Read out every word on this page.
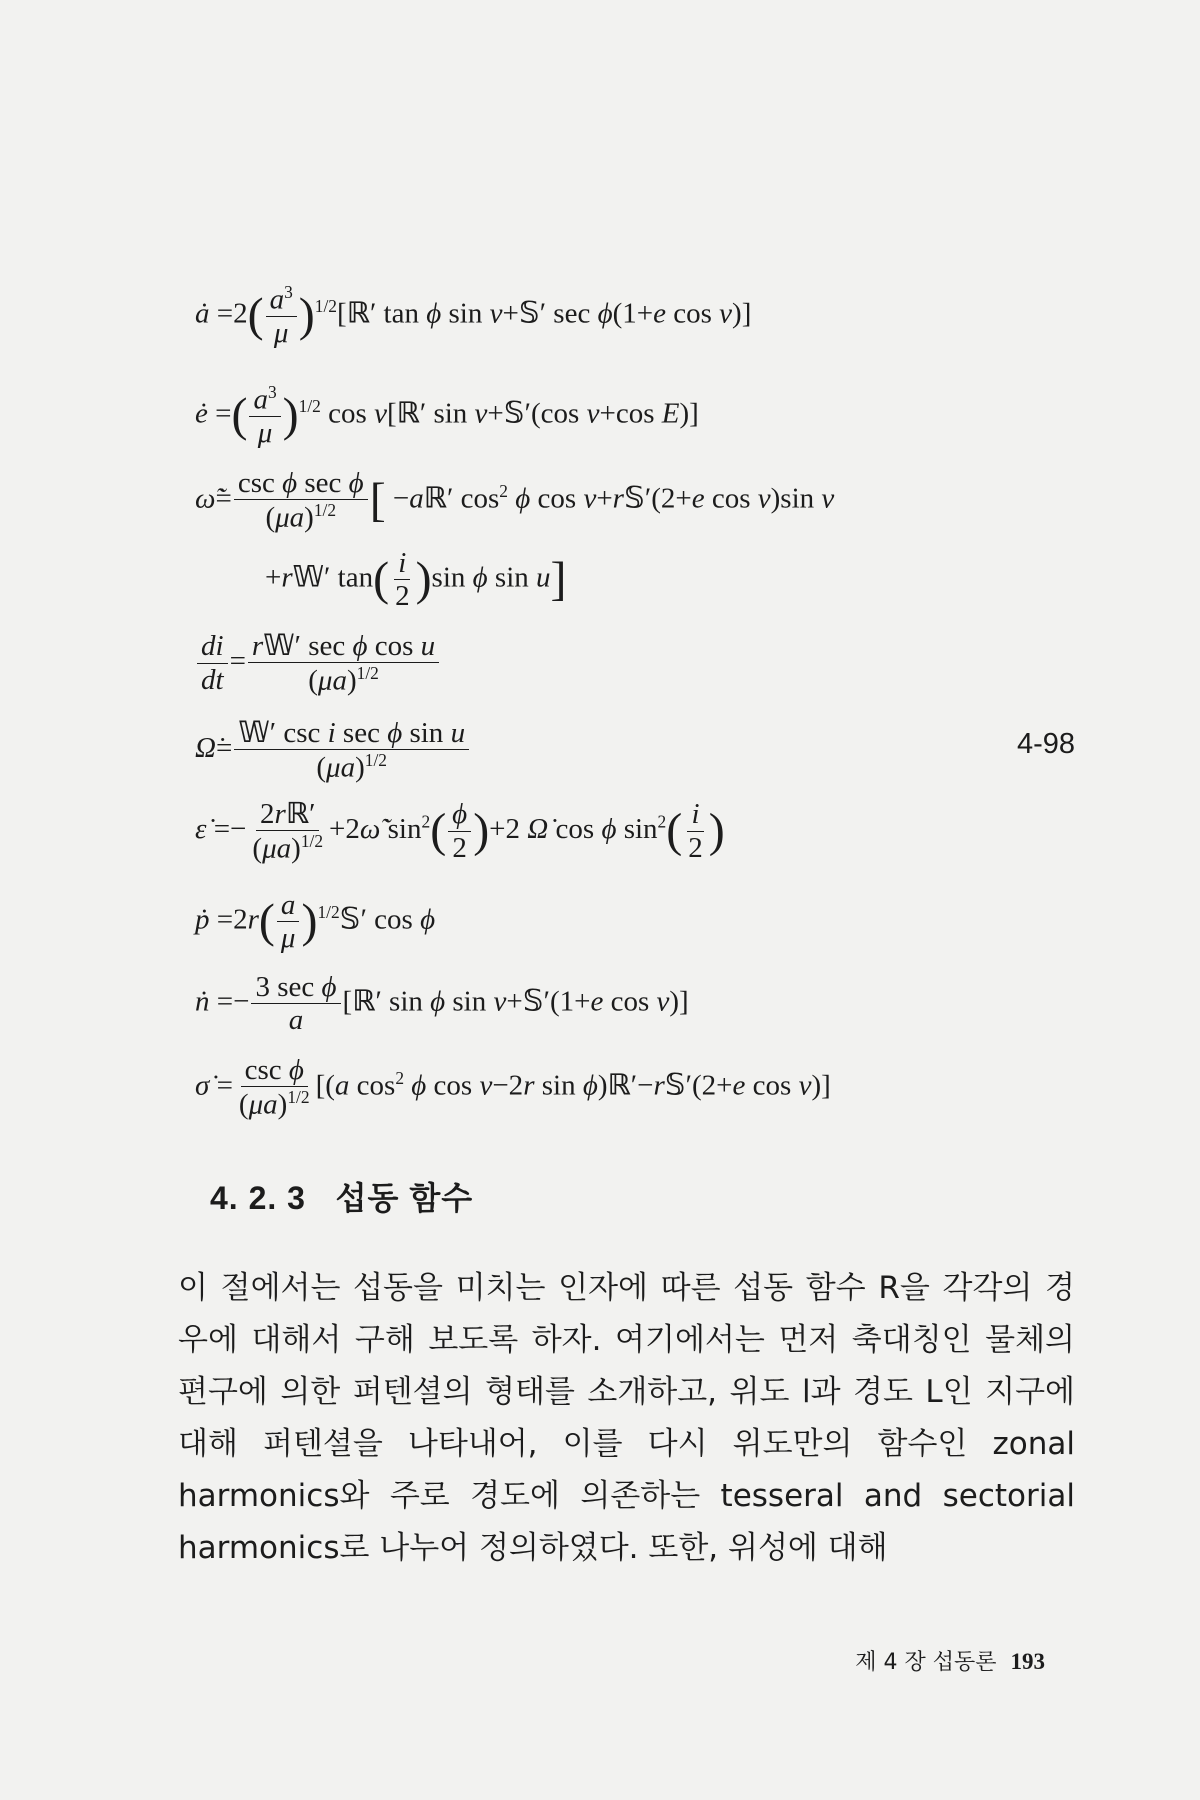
ȧ $=2( \frac{a^3}{\mu}$ )$^{1/2}[ℝ'$ tan ϕ sin ν+𝕊′ sec ϕ(1+e cos ν)]
ė =( $\frac{a^3}{\mu} )^{1/2}$ cos ν[ℝ′ sin ν+𝕊′(cos ν+cos E)]
ω̃̇= $\frac{\text{csc ϕ sec ϕ}}{(\mu a)^{1/2}}$ [ −aℝ′ $\cos^2 \phi$ cos ν+r𝕊′(2+e cos ν)sin ν
+r𝕎′ $\tan( \frac{i}{2} )\sin$ ϕ sin u]
$\frac{di}{dt} = \frac{\text{r𝕎′ sec ϕ cos u}}{(\mu a)^{1/2}}$
Ω̇= $\frac{\text{𝕎′ csc i sec ϕ sin u}}{(\mu a)^{1/2}}$	4-98
ε̇ =− $\frac{\text{2rℝ′}}{(\mu a)^{1/2}}$ +2ω̃̇ $\sin^2( \frac{\phi}{2} )+2$ Ω̇ cos ϕ $\sin^2( \frac{i}{2}$ )
ṗ $=2r( \frac{a}{\mu}$ )$^{1/2}𝕊'$ cos ϕ
ṅ =− $\frac{\text{3 sec ϕ}}{a}$ [ℝ′ sin ϕ sin ν+𝕊′(1+e cos ν)]
σ̇ = $\frac{\text{csc ϕ}}{(\mu a)^{1/2}} [(a$ $\cos^2 \phi$ cos ν−2r sin ϕ)ℝ′−r𝕊′(2+e cos ν)]
4. 2. 3 섭동 함수

이 절에서는 섭동을 미치는 인자에 따른 섭동 함수 R을 각각의 경우에 대해서 구해 보도록 하자. 여기에서는 먼저 축대칭인 물체의 편구에 의한 퍼텐셜의 형태를 소개하고, 위도 l과 경도 L인 지구에 대해 퍼텐셜을 나타내어, 이를 다시 위도만의 함수인 zonal harmonics와 주로 경도에 의존하는 tesseral and sectorial harmonics로 나누어 정의하였다. 또한, 위성에 대해

제 4 장 섭동론 193
